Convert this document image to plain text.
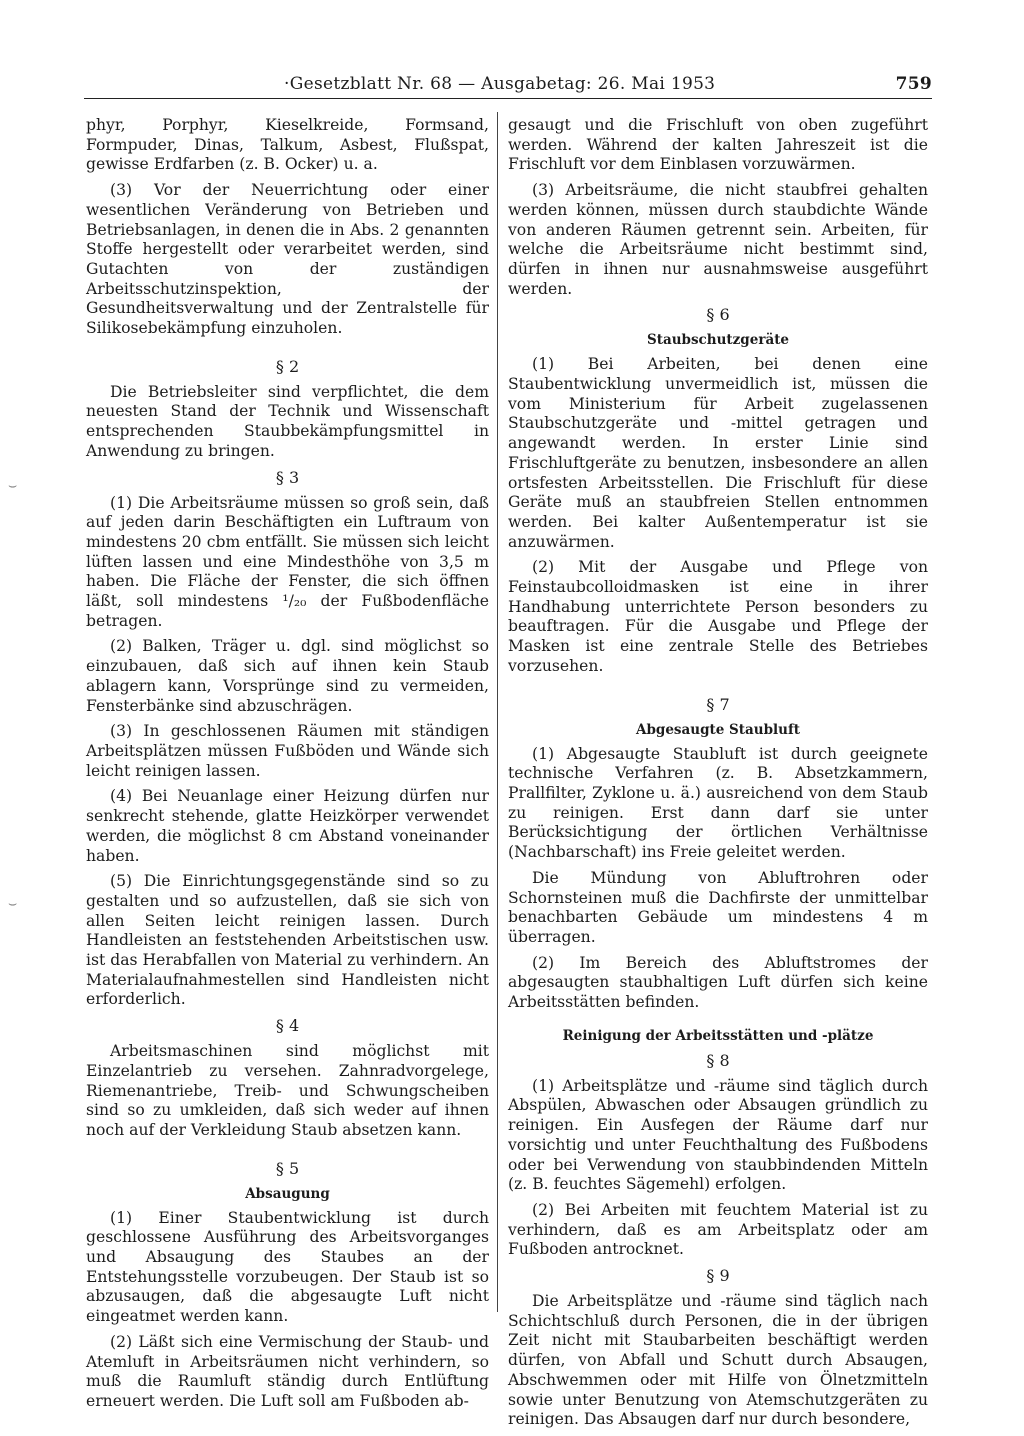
·Gesetzblatt Nr. 68 — Ausgabetag: 26. Mai 1953	759
⌣
⌣

phyr, Porphyr, Kieselkreide, Formsand, Formpuder, Dinas, Talkum, Asbest, Flußspat, gewisse Erdfarben (z. B. Ocker) u. a.

(3) Vor der Neuerrichtung oder einer wesentlichen Veränderung von Betrieben und Betriebsanlagen, in denen die in Abs. 2 genannten Stoffe hergestellt oder verarbeitet werden, sind Gutachten von der zuständigen Arbeitsschutzinspektion, der Gesundheitsverwaltung und der Zentralstelle für Silikosebekämpfung einzuholen.

§ 2

Die Betriebsleiter sind verpflichtet, die dem neuesten Stand der Technik und Wissenschaft entsprechenden Staubbekämpfungsmittel in Anwendung zu bringen.

§ 3

(1) Die Arbeitsräume müssen so groß sein, daß auf jeden darin Beschäftigten ein Luftraum von mindestens 20 cbm entfällt. Sie müssen sich leicht lüften lassen und eine Mindesthöhe von 3,5 m haben. Die Fläche der Fenster, die sich öffnen läßt, soll mindestens ¹/₂₀ der Fußbodenfläche betragen.

(2) Balken, Träger u. dgl. sind möglichst so einzubauen, daß sich auf ihnen kein Staub ablagern kann, Vorsprünge sind zu vermeiden, Fensterbänke sind abzuschrägen.

(3) In geschlossenen Räumen mit ständigen Arbeitsplätzen müssen Fußböden und Wände sich leicht reinigen lassen.

(4) Bei Neuanlage einer Heizung dürfen nur senkrecht stehende, glatte Heizkörper verwendet werden, die möglichst 8 cm Abstand voneinander haben.

(5) Die Einrichtungsgegenstände sind so zu gestalten und so aufzustellen, daß sie sich von allen Seiten leicht reinigen lassen. Durch Handleisten an feststehenden Arbeitstischen usw. ist das Herabfallen von Material zu verhindern. An Materialaufnahmestellen sind Handleisten nicht erforderlich.

§ 4

Arbeitsmaschinen sind möglichst mit Einzelantrieb zu versehen. Zahnradvorgelege, Riemenantriebe, Treib- und Schwungscheiben sind so zu umkleiden, daß sich weder auf ihnen noch auf der Verkleidung Staub absetzen kann.

§ 5

Absaugung

(1) Einer Staubentwicklung ist durch geschlossene Ausführung des Arbeitsvorganges und Absaugung des Staubes an der Entstehungsstelle vorzubeugen. Der Staub ist so abzusaugen, daß die abgesaugte Luft nicht eingeatmet werden kann.

(2) Läßt sich eine Vermischung der Staub- und Atemluft in Arbeitsräumen nicht verhindern, so muß die Raumluft ständig durch Entlüftung erneuert werden. Die Luft soll am Fußboden ab-

gesaugt und die Frischluft von oben zugeführt werden. Während der kalten Jahreszeit ist die Frischluft vor dem Einblasen vorzuwärmen.

(3) Arbeitsräume, die nicht staubfrei gehalten werden können, müssen durch staubdichte Wände von anderen Räumen getrennt sein. Arbeiten, für welche die Arbeitsräume nicht bestimmt sind, dürfen in ihnen nur ausnahmsweise ausgeführt werden.

§ 6

Staubschutzgeräte

(1) Bei Arbeiten, bei denen eine Staubentwicklung unvermeidlich ist, müssen die vom Ministerium für Arbeit zugelassenen Staubschutzgeräte und -mittel getragen und angewandt werden. In erster Linie sind Frischluftgeräte zu benutzen, insbesondere an allen ortsfesten Arbeitsstellen. Die Frischluft für diese Geräte muß an staubfreien Stellen entnommen werden. Bei kalter Außentemperatur ist sie anzuwärmen.

(2) Mit der Ausgabe und Pflege von Feinstaubcolloidmasken ist eine in ihrer Handhabung unterrichtete Person besonders zu beauftragen. Für die Ausgabe und Pflege der Masken ist eine zentrale Stelle des Betriebes vorzusehen.

§ 7

Abgesaugte Staubluft

(1) Abgesaugte Staubluft ist durch geeignete technische Verfahren (z. B. Absetzkammern, Prallfilter, Zyklone u. ä.) ausreichend von dem Staub zu reinigen. Erst dann darf sie unter Berücksichtigung der örtlichen Verhältnisse (Nachbarschaft) ins Freie geleitet werden.

Die Mündung von Abluftrohren oder Schornsteinen muß die Dachfirste der unmittelbar benachbarten Gebäude um mindestens 4 m überragen.

(2) Im Bereich des Abluftstromes der abgesaugten staubhaltigen Luft dürfen sich keine Arbeitsstätten befinden.

Reinigung der Arbeitsstätten und -plätze

§ 8

(1) Arbeitsplätze und -räume sind täglich durch Abspülen, Abwaschen oder Absaugen gründlich zu reinigen. Ein Ausfegen der Räume darf nur vorsichtig und unter Feuchthaltung des Fußbodens oder bei Verwendung von staubbindenden Mitteln (z. B. feuchtes Sägemehl) erfolgen.

(2) Bei Arbeiten mit feuchtem Material ist zu verhindern, daß es am Arbeitsplatz oder am Fußboden antrocknet.

§ 9

Die Arbeitsplätze und -räume sind täglich nach Schichtschluß durch Personen, die in der übrigen Zeit nicht mit Staubarbeiten beschäftigt werden dürfen, von Abfall und Schutt durch Absaugen, Abschwemmen oder mit Hilfe von Ölnetzmitteln sowie unter Benutzung von Atemschutzgeräten zu reinigen. Das Absaugen darf nur durch besondere,
